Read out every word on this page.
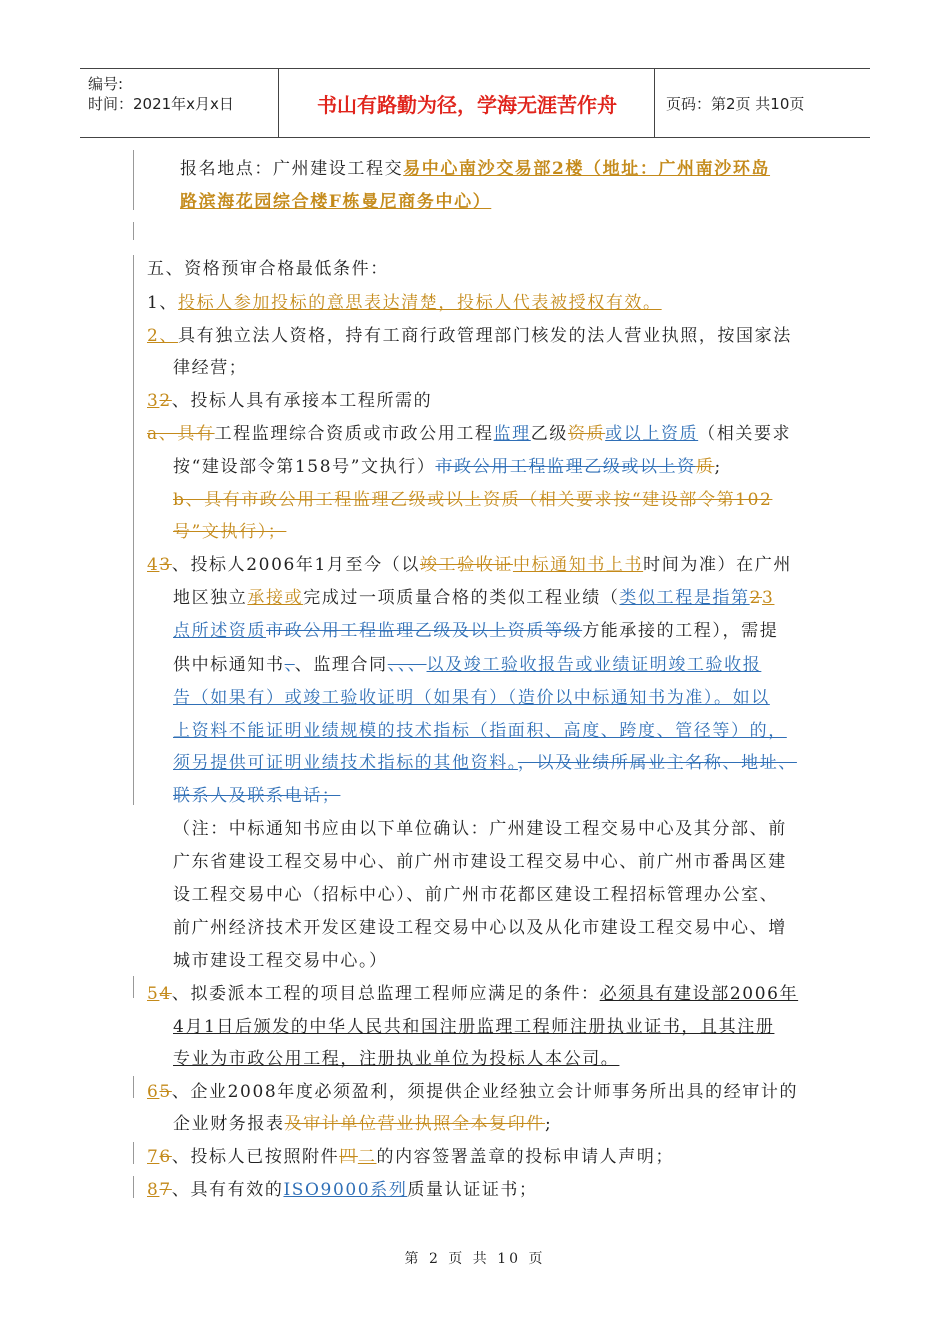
编号:
时间：2021年x月x日	书山有路勤为径，学海无涯苦作舟	页码：第2页 共10页
报名地点：广州建设工程交易中心南沙交易部2楼（地址：广州南沙环岛
路滨海花园综合楼F栋曼尼商务中心）
五、资格预审合格最低条件：
1、投标人参加投标的意思表达清楚，投标人代表被授权有效。
2、具有独立法人资格，持有工商行政管理部门核发的法人营业执照，按国家法
律经营；
32、投标人具有承接本工程所需的
a、具有工程监理综合资质或市政公用工程监理乙级资质或以上资质（相关要求
按“建设部令第158号”文执行）市政公用工程监理乙级或以上资质;
b、具有市政公用工程监理乙级或以上资质（相关要求按“建设部令第102
号”文执行）；
43、投标人2006年1月至今（以竣工验收证中标通知书上书时间为准）在广州
地区独立承接或完成过一项质量合格的类似工程业绩（类似工程是指第23
点所述资质市政公用工程监理乙级及以上资质等级方能承接的工程），需提
供中标通知书、、监理合同、、、以及竣工验收报告或业绩证明竣工验收报
告（如果有）或竣工验收证明（如果有）（造价以中标通知书为准）。如以
上资料不能证明业绩规模的技术指标（指面积、高度、跨度、管径等）的，
须另提供可证明业绩技术指标的其他资料。，以及业绩所属业主名称、地址、
联系人及联系电话；
（注：中标通知书应由以下单位确认：广州建设工程交易中心及其分部、前
广东省建设工程交易中心、前广州市建设工程交易中心、前广州市番禺区建
设工程交易中心（招标中心）、前广州市花都区建设工程招标管理办公室、
前广州经济技术开发区建设工程交易中心以及从化市建设工程交易中心、增
城市建设工程交易中心。）
54、拟委派本工程的项目总监理工程师应满足的条件：必须具有建设部2006年
4月1日后颁发的中华人民共和国注册监理工程师注册执业证书，且其注册
专业为市政公用工程，注册执业单位为投标人本公司。
65、企业2008年度必须盈利，须提供企业经独立会计师事务所出具的经审计的
企业财务报表及审计单位营业执照全本复印件;
76、投标人已按照附件四二的内容签署盖章的投标申请人声明；
87、具有有效的ISO9000系列质量认证证书；
第 2 页 共 10 页
